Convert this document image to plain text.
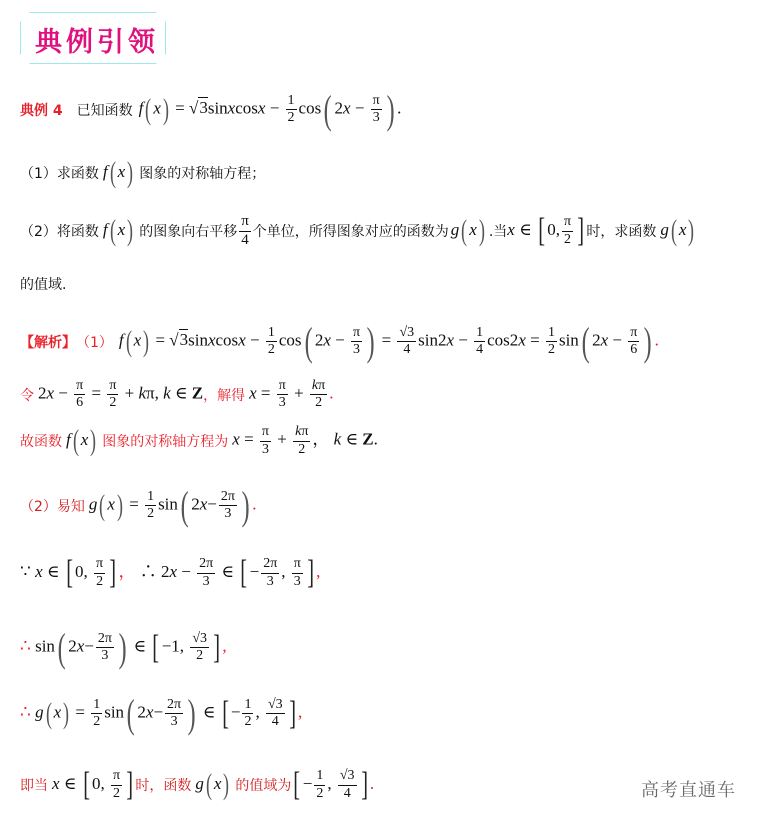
典例引领
典例 4 已知函数 f( x) = √3sinxcosx − $\frac{1}{2} \cos$( $2x - \frac{\pi}{3}$ ) .
（1）求函数 f( x) 图象的对称轴方程；
（2）将函数 f( x) 的图象向右平移 $\frac{\pi}{4}$ 个单位，所得图象对应的函数为 g( x) .当 x ∈ [ 0, $\frac{\pi}{2}$ ] 时，求函数 g( x)
的值域.
【解析】 （1） f( x) = √3sinxcosx − $\frac{1}{2} \cos$( $2x - \frac{\pi}{3}$ ) = $\frac{√3}{4} \sin 2x - \frac{1}{4} \cos 2x = \frac{1}{2} \sin$( $2x - \frac{\pi}{6}$ ) .
令 $2x - \frac{\pi}{6} = \frac{\pi}{2} + k\pi$, k ∈ Z ，解得 $x = \frac{\pi}{3} + \frac{k\pi}{2}$ .
故函数 f( x) 图象的对称轴方程为 $x = \frac{\pi}{3} + \frac{k\pi}{2}$ ， k ∈ Z.
（2）易知 g( $x) = \frac{1}{2} \sin$( $2x- \frac{2\pi}{3}$ ) .
∵ x ∈ [ 0, $\frac{\pi}{2}$ ] ， ∴ $2x - \frac{2\pi}{3}$ ∈ [ − $\frac{2\pi}{3}$ , $\frac{\pi}{3}$ ] ,
∴ sin( $2x- \frac{2\pi}{3}$ ) ∈ [ −1, $\frac{√3}{2}$ ] ,
∴ g( $x) = \frac{1}{2} \sin$( $2x- \frac{2\pi}{3}$ ) ∈ [ − $\frac{1}{2}$ , $\frac{√3}{4}$ ] ,
即当 x ∈ [ 0, $\frac{\pi}{2}$ ] 时，函数 g( x) 的值域为 [ − $\frac{1}{2}$ , $\frac{√3}{4}$ ] .	高考直通车
